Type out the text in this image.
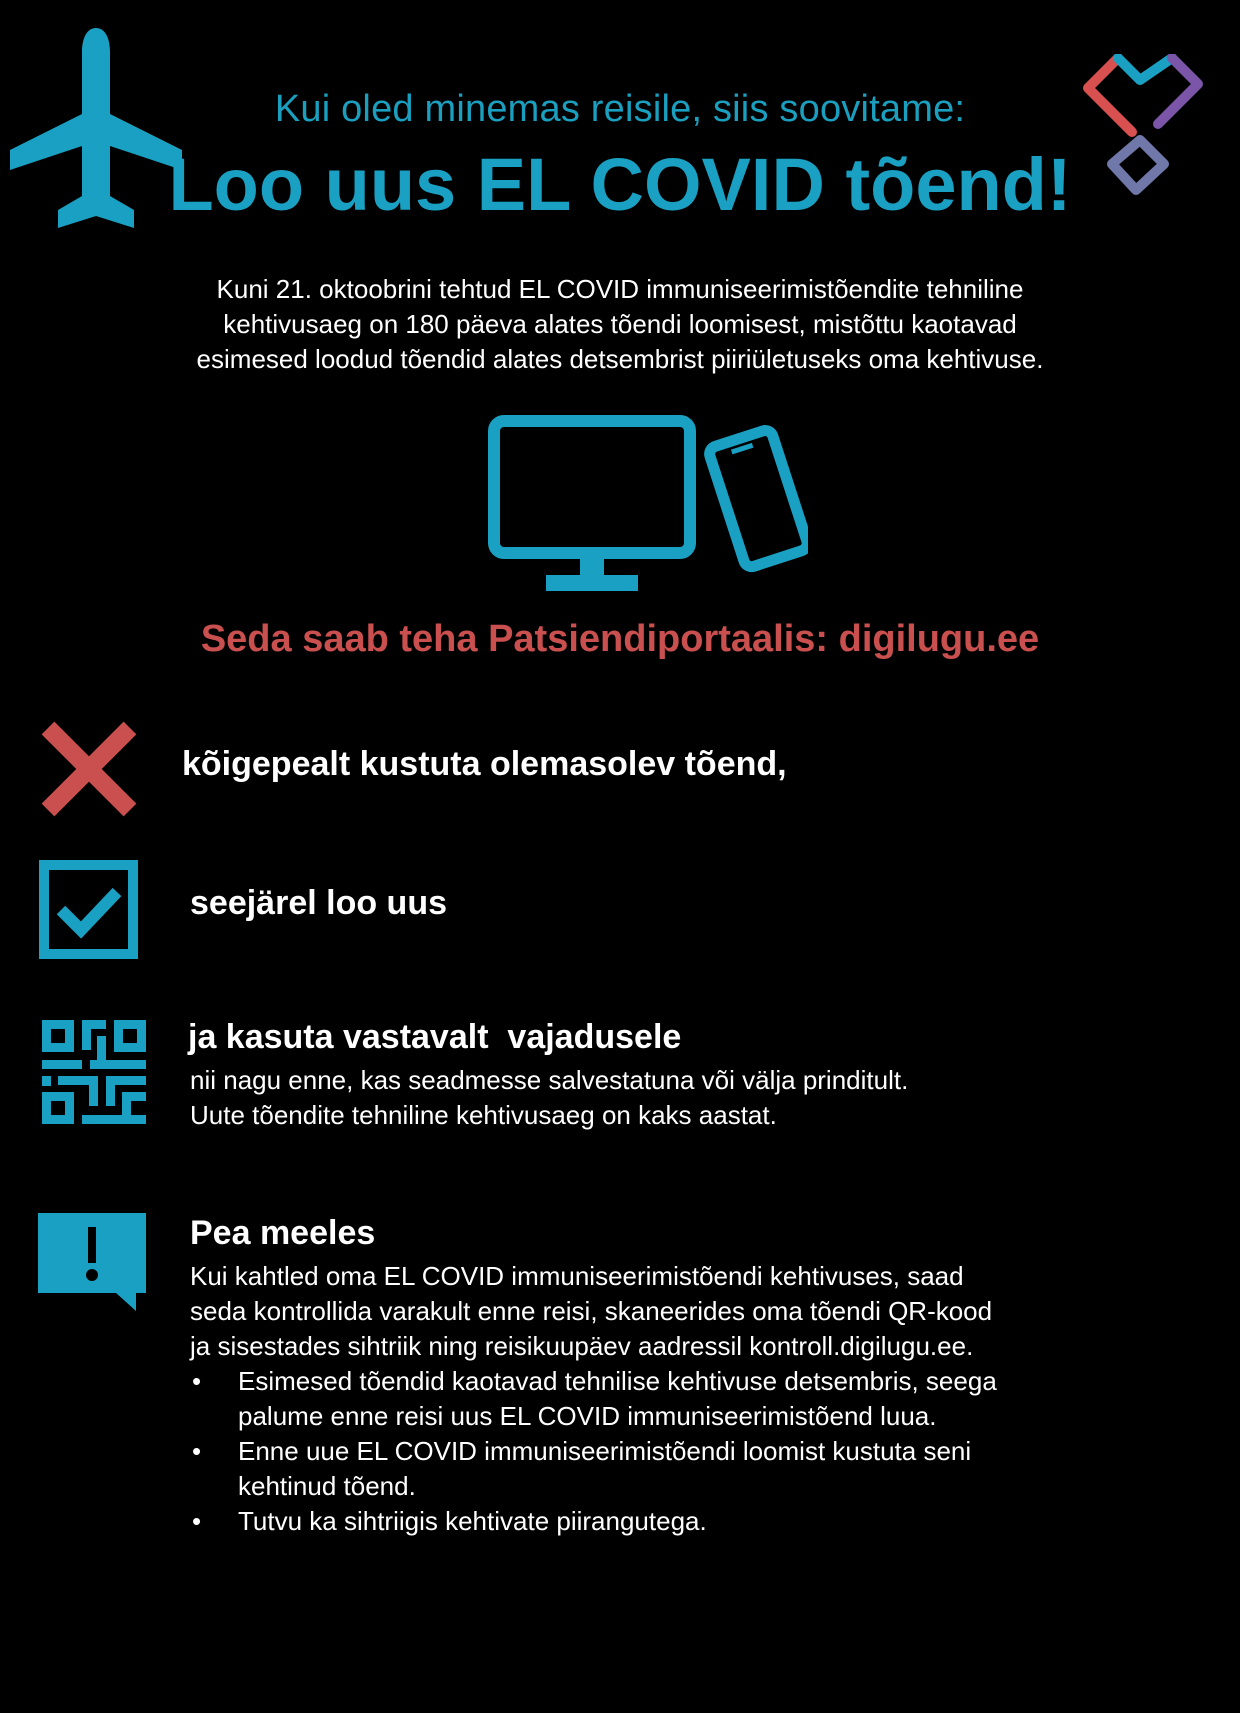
Kui oled minemas reisile, siis soovitame:
Loo uus EL COVID tõend!
Kuni 21. oktoobrini tehtud EL COVID immuniseerimistõendite tehniline
kehtivusaeg on 180 päeva alates tõendi loomisest, mistõttu kaotavad
esimesed loodud tõendid alates detsembrist piiriületuseks oma kehtivuse.
Seda saab teha Patsiendiportaalis: digilugu.ee
kõigepealt kustuta olemasolev tõend,
seejärel loo uus
ja kasuta vastavalt  vajadusele
nii nagu enne, kas seadmesse salvestatuna või välja prinditult.
Uute tõendite tehniline kehtivusaeg on kaks aastat.
Pea meeles
Kui kahtled oma EL COVID immuniseerimistõendi kehtivuses, saad
seda kontrollida varakult enne reisi, skaneerides oma tõendi QR-kood
ja sisestades sihtriik ning reisikuupäev aadressil kontroll.digilugu.ee.
• Esimesed tõendid kaotavad tehnilise kehtivuse detsembris, seega
palume enne reisi uus EL COVID immuniseerimistõend luua.
• Enne uue EL COVID immuniseerimistõendi loomist kustuta seni
kehtinud tõend.
• Tutvu ka sihtriigis kehtivate piirangutega.
